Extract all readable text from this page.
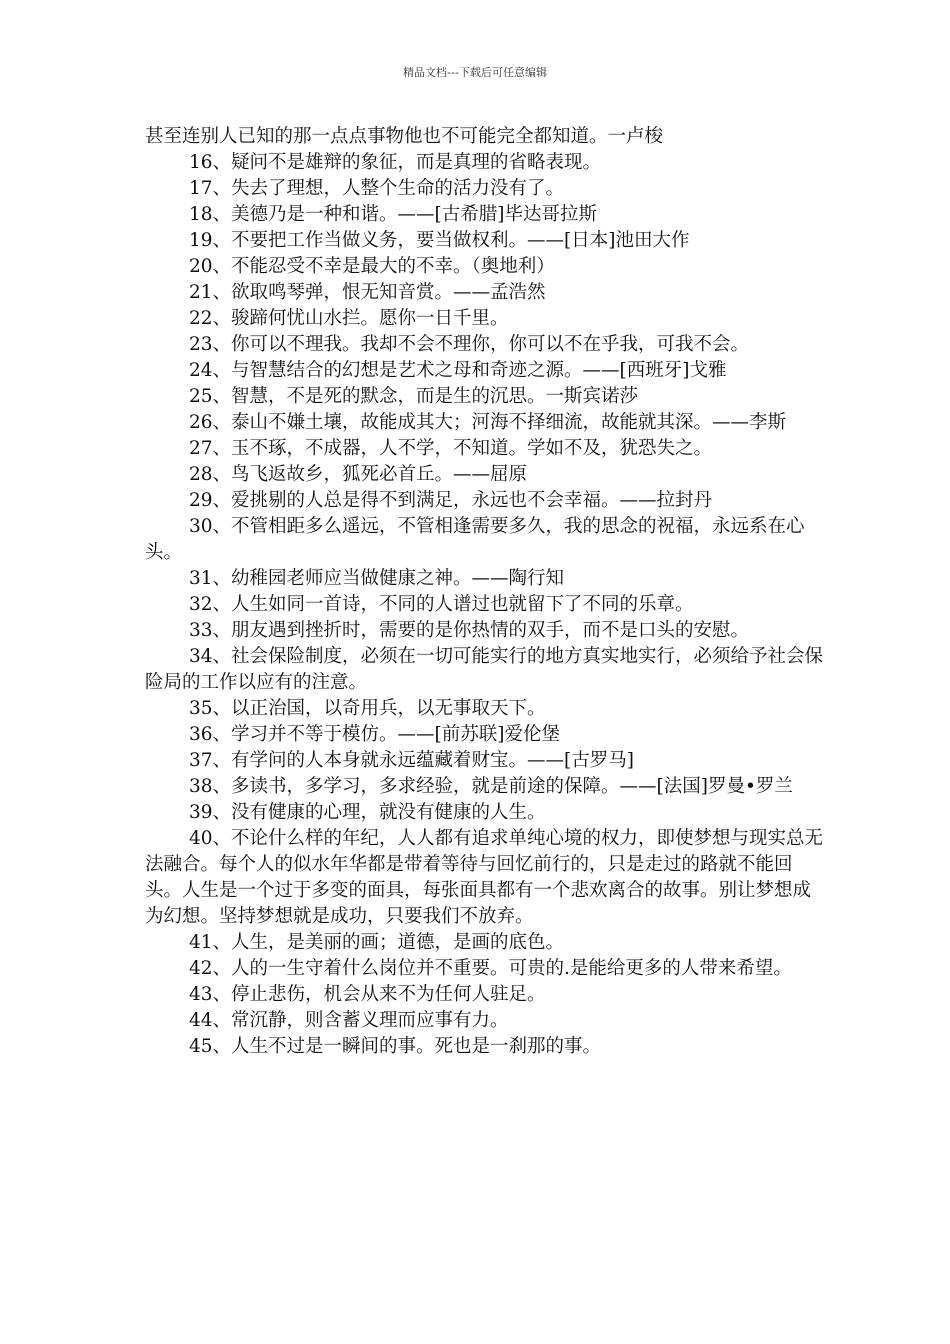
精品文档---下载后可任意编辑

甚至连别人已知的那一点点事物他也不可能完全都知道。一卢梭

16、疑问不是雄辩的象征，而是真理的省略表现。

17、失去了理想，人整个生命的活力没有了。

18、美德乃是一种和谐。——[古希腊]毕达哥拉斯

19、不要把工作当做义务，要当做权利。——[日本]池田大作

20、不能忍受不幸是最大的不幸。（奥地利）

21、欲取鸣琴弹，恨无知音赏。——孟浩然

22、骏蹄何忧山水拦。愿你一日千里。

23、你可以不理我。我却不会不理你，你可以不在乎我，可我不会。

24、与智慧结合的幻想是艺术之母和奇迹之源。——[西班牙]戈雅

25、智慧，不是死的默念，而是生的沉思。一斯宾诺莎

26、泰山不嫌土壤，故能成其大；河海不择细流，故能就其深。——李斯

27、玉不琢，不成器，人不学，不知道。学如不及，犹恐失之。

28、鸟飞返故乡，狐死必首丘。——屈原

29、爱挑剔的人总是得不到满足，永远也不会幸福。——拉封丹

30、不管相距多么遥远，不管相逢需要多久，我的思念的祝福，永远系在心头。

31、幼稚园老师应当做健康之神。——陶行知

32、人生如同一首诗，不同的人谱过也就留下了不同的乐章。

33、朋友遇到挫折时，需要的是你热情的双手，而不是口头的安慰。

34、社会保险制度，必须在一切可能实行的地方真实地实行，必须给予社会保险局的工作以应有的注意。

35、以正治国，以奇用兵，以无事取天下。

36、学习并不等于模仿。——[前苏联]爱伦堡

37、有学问的人本身就永远蕴藏着财宝。——[古罗马]

38、多读书，多学习，多求经验，就是前途的保障。——[法国]罗曼•罗兰

39、没有健康的心理，就没有健康的人生。

40、不论什么样的年纪，人人都有追求单纯心境的权力，即使梦想与现实总无法融合。每个人的似水年华都是带着等待与回忆前行的，只是走过的路就不能回头。人生是一个过于多变的面具，每张面具都有一个悲欢离合的故事。别让梦想成为幻想。坚持梦想就是成功，只要我们不放弃。

41、人生，是美丽的画；道德，是画的底色。

42、人的一生守着什么岗位并不重要。可贵的.是能给更多的人带来希望。

43、停止悲伤，机会从来不为任何人驻足。

44、常沉静，则含蓄义理而应事有力。

45、人生不过是一瞬间的事。死也是一刹那的事。
